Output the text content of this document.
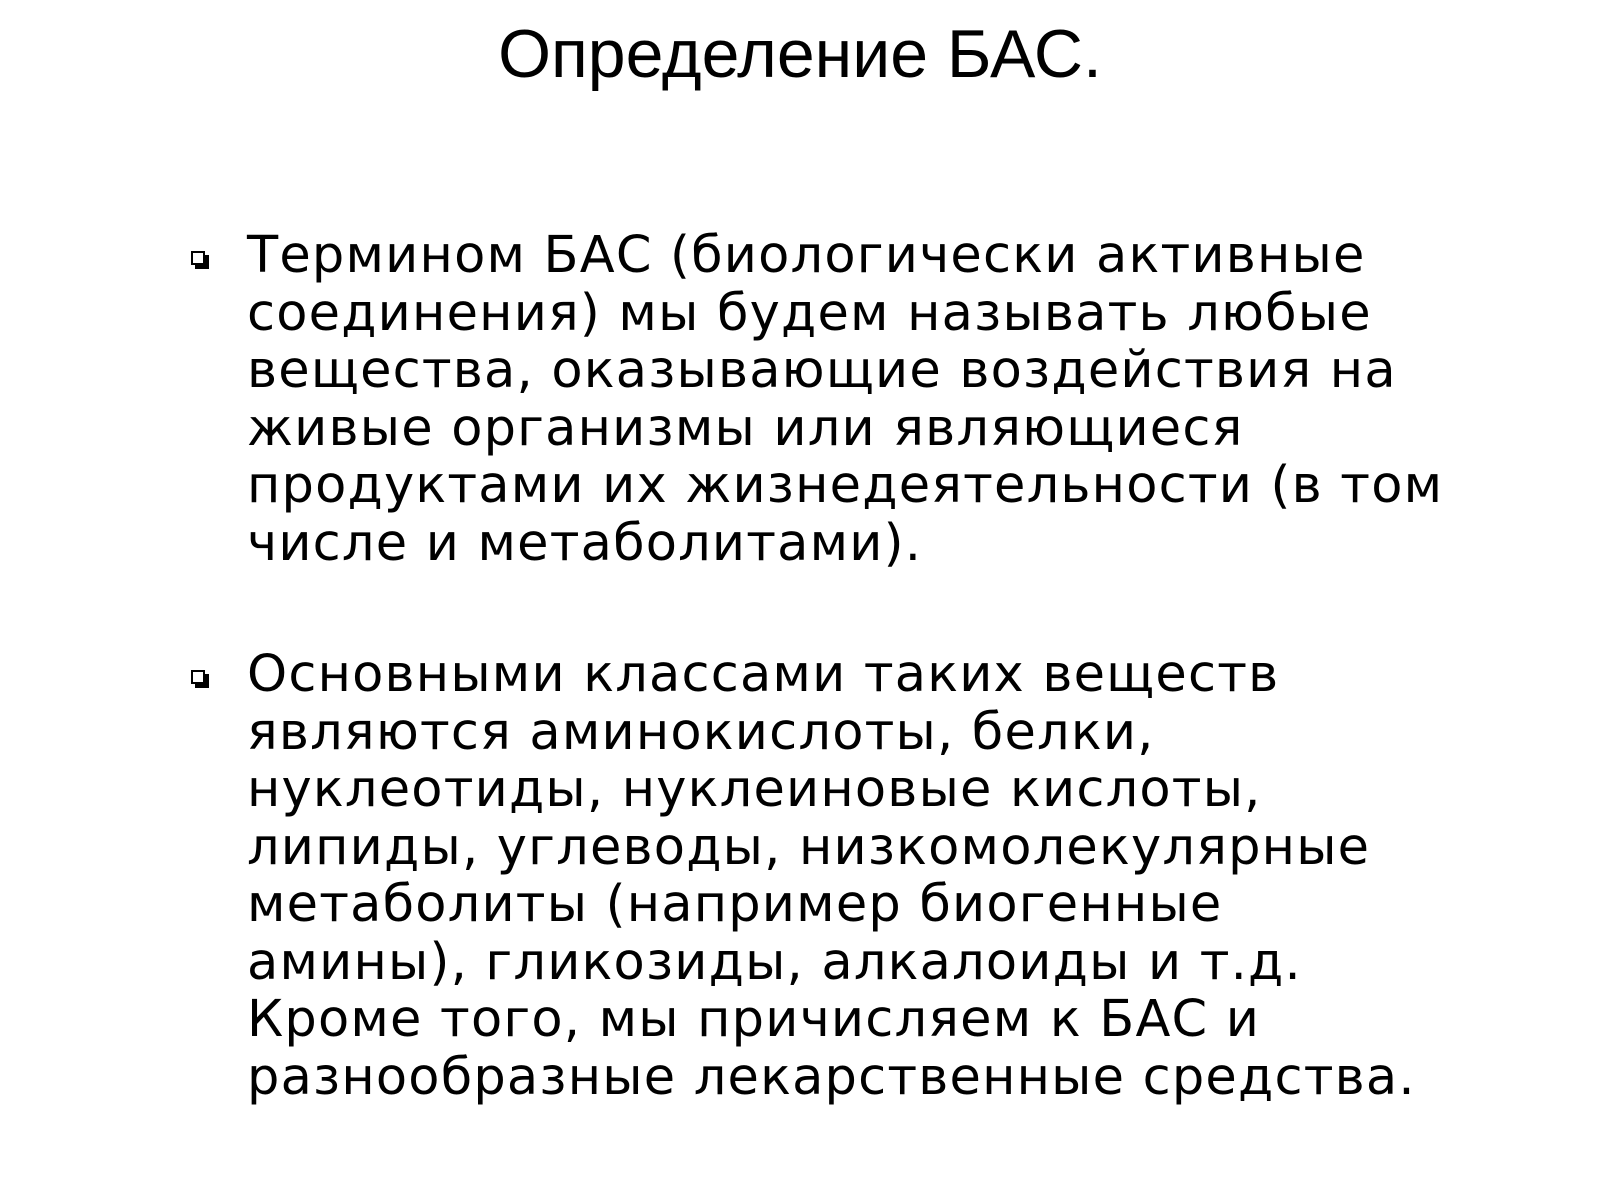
Определение БАС.

Термином БАС (биологически активные
соединения) мы будем называть любые
вещества, оказывающие воздействия на
живые организмы или являющиеся
продуктами их жизнедеятельности (в том
числе и метаболитами).

Основными классами таких веществ
являются аминокислоты, белки,
нуклеотиды, нуклеиновые кислоты,
липиды, углеводы, низкомолекулярные
метаболиты (например биогенные
амины), гликозиды, алкалоиды и т.д.
Кроме того, мы причисляем к БАС и
разнообразные лекарственные средства.
